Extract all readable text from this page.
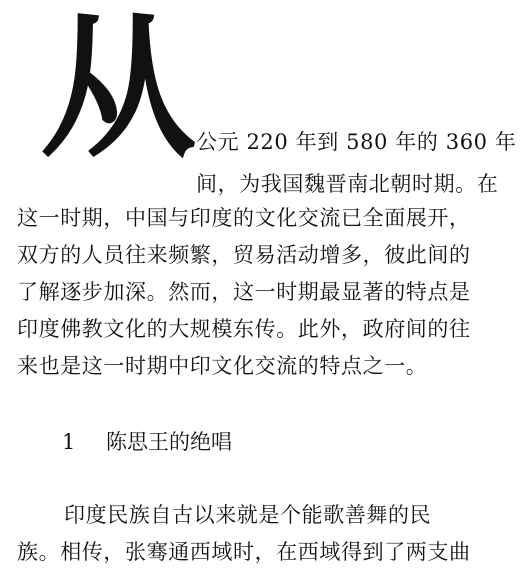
从 公元 220 年到 580 年的 360 年
间，为我国魏晋南北朝时期。在
这一时期，中国与印度的文化交流已全面展开，
双方的人员往来频繁，贸易活动增多，彼此间的
了解逐步加深。然而，这一时期最显著的特点是
印度佛教文化的大规模东传。此外，政府间的往
来也是这一时期中印文化交流的特点之一。
1 陈思王的绝唱
印度民族自古以来就是个能歌善舞的民
族。相传，张骞通西域时，在西域得到了两支曲
